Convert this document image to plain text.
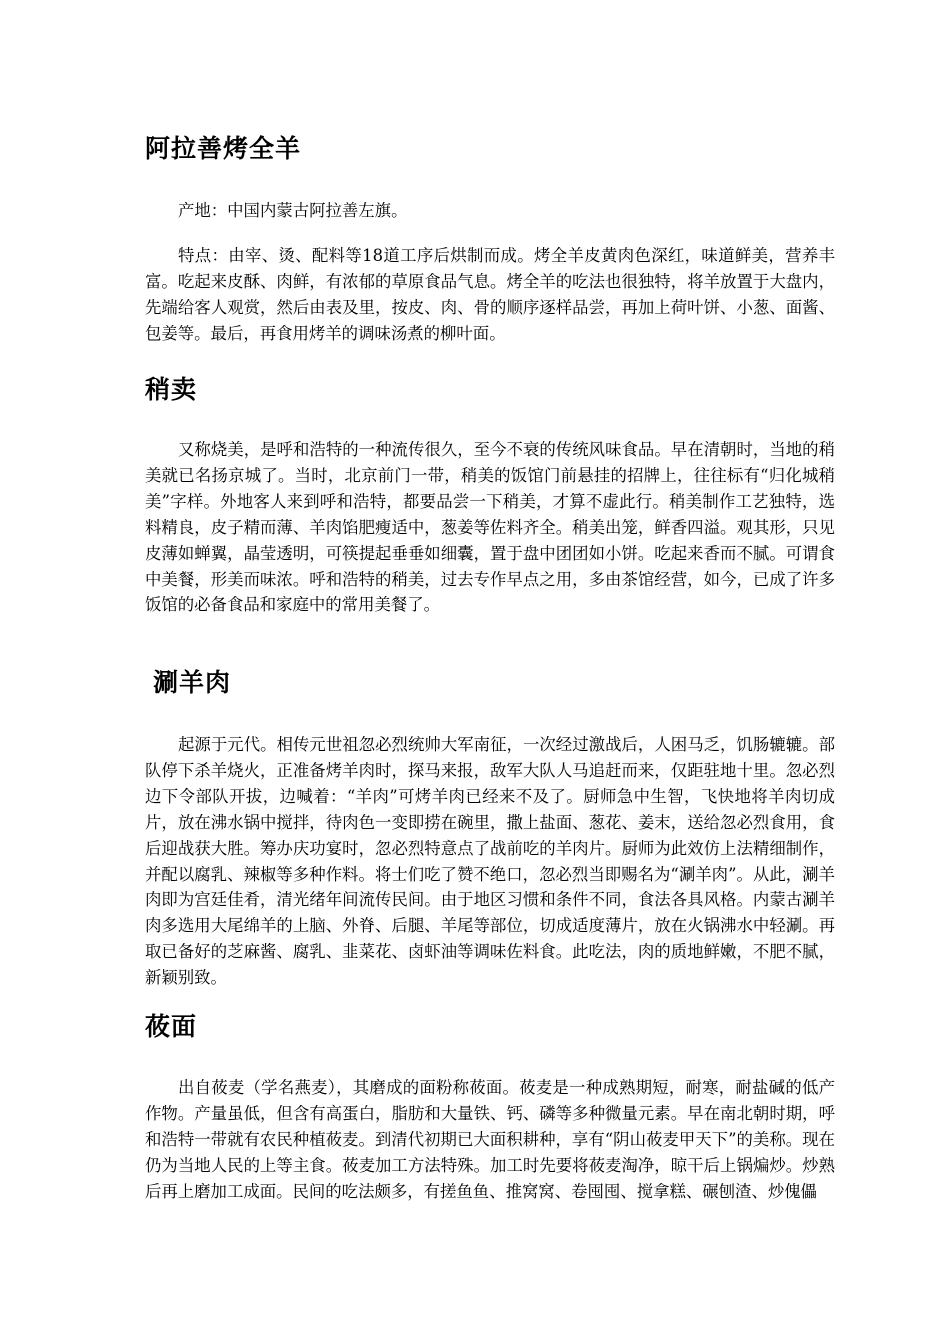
阿拉善烤全羊

产地：中国内蒙古阿拉善左旗。

特点：由宰、烫、配料等18道工序后烘制而成。烤全羊皮黄肉色深红，味道鲜美，营养丰富。吃起来皮酥、肉鲜，有浓郁的草原食品气息。烤全羊的吃法也很独特，将羊放置于大盘内，先端给客人观赏，然后由表及里，按皮、肉、骨的顺序逐样品尝，再加上荷叶饼、小葱、面酱、包姜等。最后，再食用烤羊的调味汤煮的柳叶面。

稍卖

又称烧美，是呼和浩特的一种流传很久，至今不衰的传统风味食品。早在清朝时，当地的稍美就已名扬京城了。当时，北京前门一带，稍美的饭馆门前悬挂的招牌上，往往标有“归化城稍美”字样。外地客人来到呼和浩特，都要品尝一下稍美，才算不虚此行。稍美制作工艺独特，选料精良，皮子精而薄、羊肉馅肥瘦适中，葱姜等佐料齐全。稍美出笼，鲜香四溢。观其形，只见皮薄如蝉翼，晶莹透明，可筷提起垂垂如细囊，置于盘中团团如小饼。吃起来香而不腻。可谓食中美餐，形美而味浓。呼和浩特的稍美，过去专作早点之用，多由茶馆经营，如今，已成了许多饭馆的必备食品和家庭中的常用美餐了。

涮羊肉

起源于元代。相传元世祖忽必烈统帅大军南征，一次经过激战后，人困马乏，饥肠辘辘。部队停下杀羊烧火，正准备烤羊肉时，探马来报，敌军大队人马追赶而来，仅距驻地十里。忽必烈边下令部队开拔，边喊着：“羊肉”可烤羊肉已经来不及了。厨师急中生智，飞快地将羊肉切成片，放在沸水锅中搅拌，待肉色一变即捞在碗里，撒上盐面、葱花、姜末，送给忽必烈食用，食后迎战获大胜。筹办庆功宴时，忽必烈特意点了战前吃的羊肉片。厨师为此效仿上法精细制作，并配以腐乳、辣椒等多种作料。将士们吃了赞不绝口，忽必烈当即赐名为“涮羊肉”。从此，涮羊肉即为宫廷佳肴，清光绪年间流传民间。由于地区习惯和条件不同，食法各具风格。内蒙古涮羊肉多选用大尾绵羊的上脑、外脊、后腿、羊尾等部位，切成适度薄片，放在火锅沸水中轻涮。再取已备好的芝麻酱、腐乳、韭菜花、卤虾油等调味佐料食。此吃法，肉的质地鲜嫩，不肥不腻，新颖别致。

莜面

出自莜麦（学名燕麦），其磨成的面粉称莜面。莜麦是一种成熟期短，耐寒，耐盐碱的低产作物。产量虽低，但含有高蛋白，脂肪和大量铁、钙、磷等多种微量元素。早在南北朝时期，呼和浩特一带就有农民种植莜麦。到清代初期已大面积耕种，享有“阴山莜麦甲天下”的美称。现在仍为当地人民的上等主食。莜麦加工方法特殊。加工时先要将莜麦淘净，晾干后上锅煸炒。炒熟后再上磨加工成面。民间的吃法颇多，有搓鱼鱼、推窝窝、卷囤囤、搅拿糕、碾刨渣、炒傀儡
